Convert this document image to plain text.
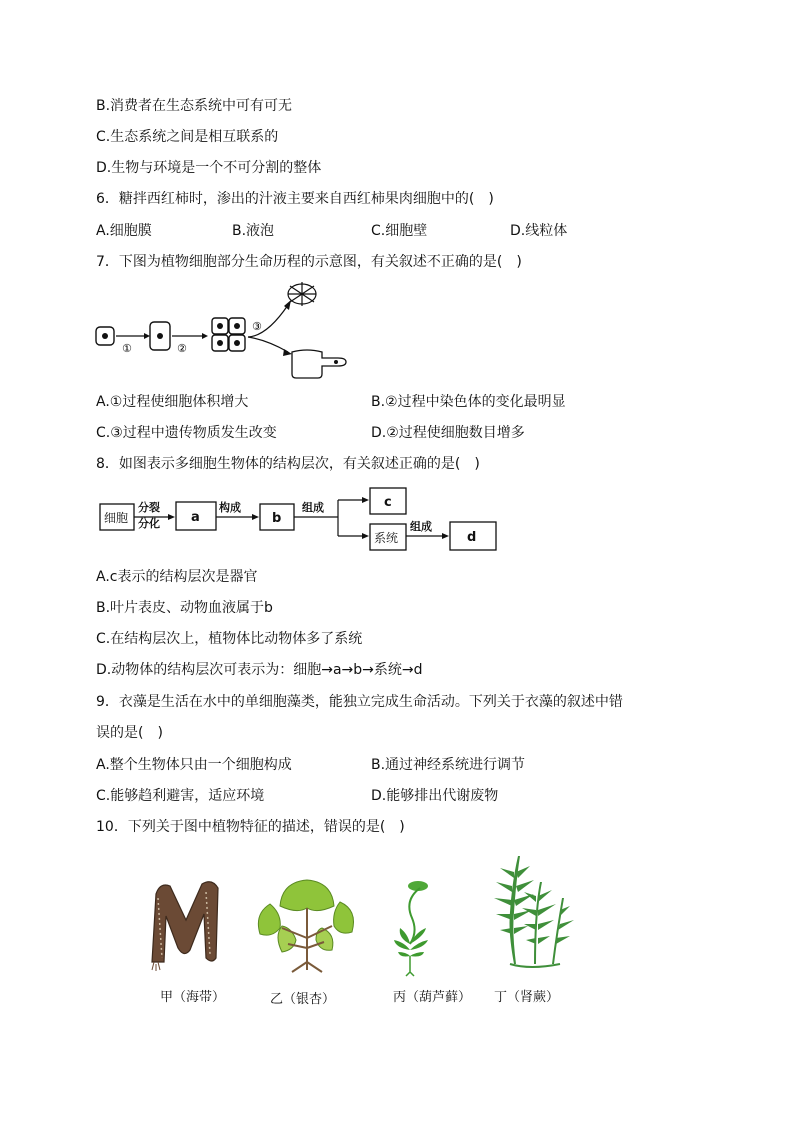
B.消费者在生态系统中可有可无
C.生态系统之间是相互联系的
D.生物与环境是一个不可分割的整体
6．糖拌西红柿时，渗出的汁液主要来自西红柿果肉细胞中的(　)
A.细胞膜	B.液泡	C.细胞壁	D.线粒体
7．下图为植物细胞部分生命历程的示意图，有关叙述不正确的是(　)
①	②
③
A.①过程使细胞体积增大	B.②过程中染色体的变化最明显
C.③过程中遗传物质发生改变	D.②过程使细胞数目增多
8．如图表示多细胞生物体的结构层次，有关叙述正确的是(　)
细胞
分裂
分化 a
构成
b
组成	c
系统
组成
d
A.c表示的结构层次是器官
B.叶片表皮、动物血液属于b
C.在结构层次上，植物体比动物体多了系统
D.动物体的结构层次可表示为：细胞→a→b→系统→d
9．衣藻是生活在水中的单细胞藻类，能独立完成生命活动。下列关于衣藻的叙述中错
误的是(　)
A.整个生物体只由一个细胞构成	B.通过神经系统进行调节
C.能够趋利避害，适应环境	D.能够排出代谢废物
10．下列关于图中植物特征的描述，错误的是(　)
甲（海带）	乙（银杏）	丙（葫芦藓） 丁（肾蕨）
